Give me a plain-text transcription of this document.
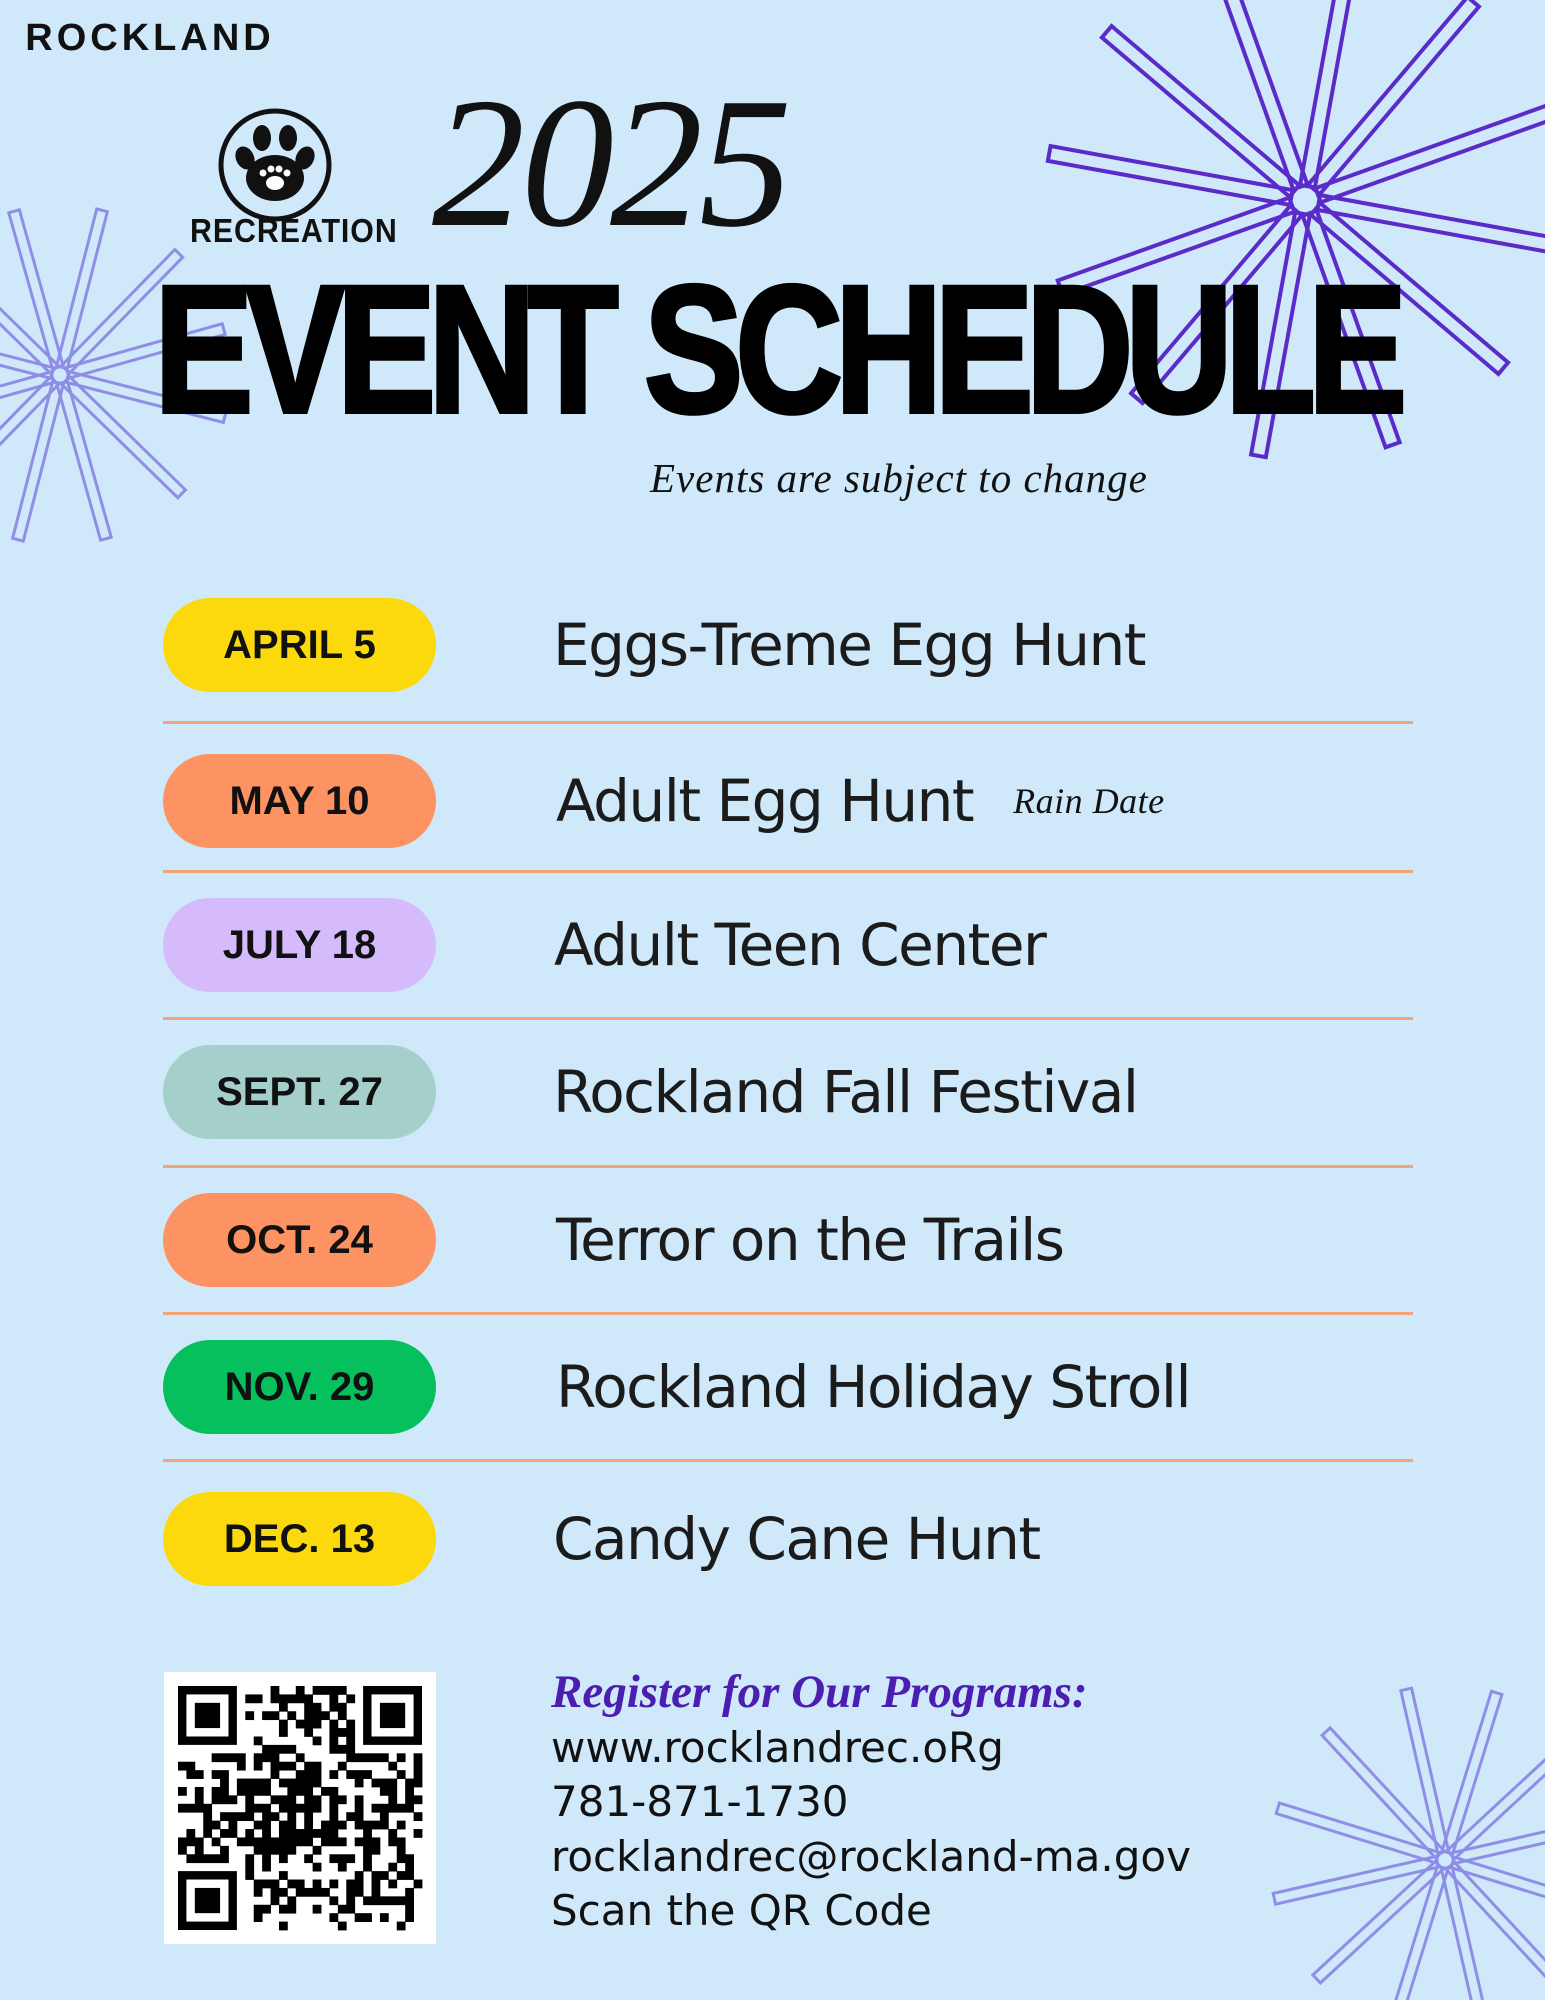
ROCKLAND
RECREATION 2025
EVENT SCHEDULE
Events are subject to change
APRIL 5	Eggs-Treme Egg Hunt
MAY 10	Adult Egg Hunt Rain Date
JULY 18	Adult Teen Center
SEPT. 27	Rockland Fall Festival
OCT. 24	Terror on the Trails
NOV. 29	Rockland Holiday Stroll
DEC. 13	Candy Cane Hunt
Register for Our Programs:
www.rocklandrec.oRg
781-871-1730
rocklandrec@rockland-ma.gov
Scan the QR Code
